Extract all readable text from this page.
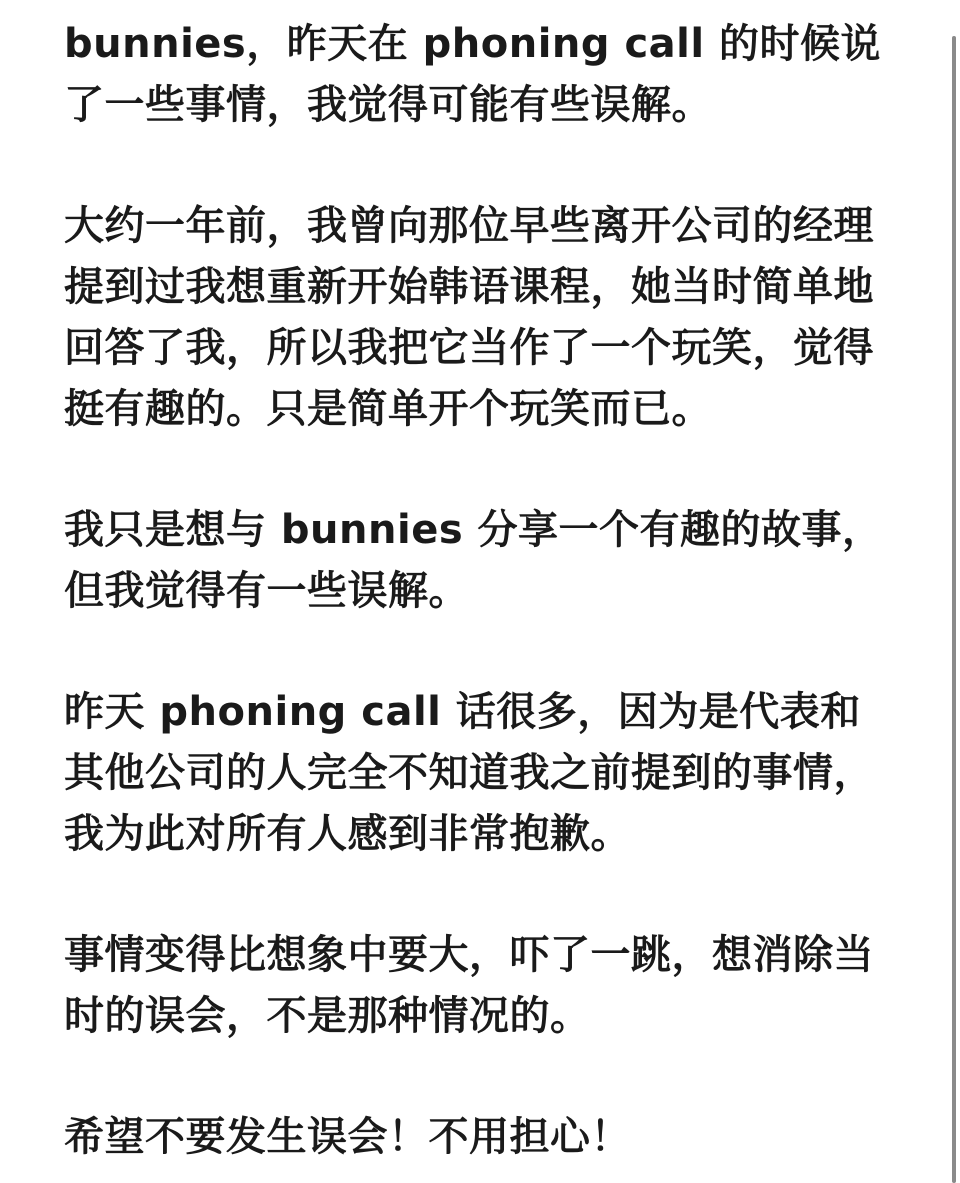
bunnies，昨天在 phoning call 的时候说了一些事情，我觉得可能有些误解。

大约一年前，我曾向那位早些离开公司的经理提到过我想重新开始韩语课程，她当时简单地回答了我，所以我把它当作了一个玩笑，觉得挺有趣的。只是简单开个玩笑而已。

我只是想与 bunnies 分享一个有趣的故事，但我觉得有一些误解。

昨天 phoning call 话很多，因为是代表和其他公司的人完全不知道我之前提到的事情，我为此对所有人感到非常抱歉。

事情变得比想象中要大，吓了一跳，想消除当时的误会，不是那种情况的。

希望不要发生误会！不用担心！
